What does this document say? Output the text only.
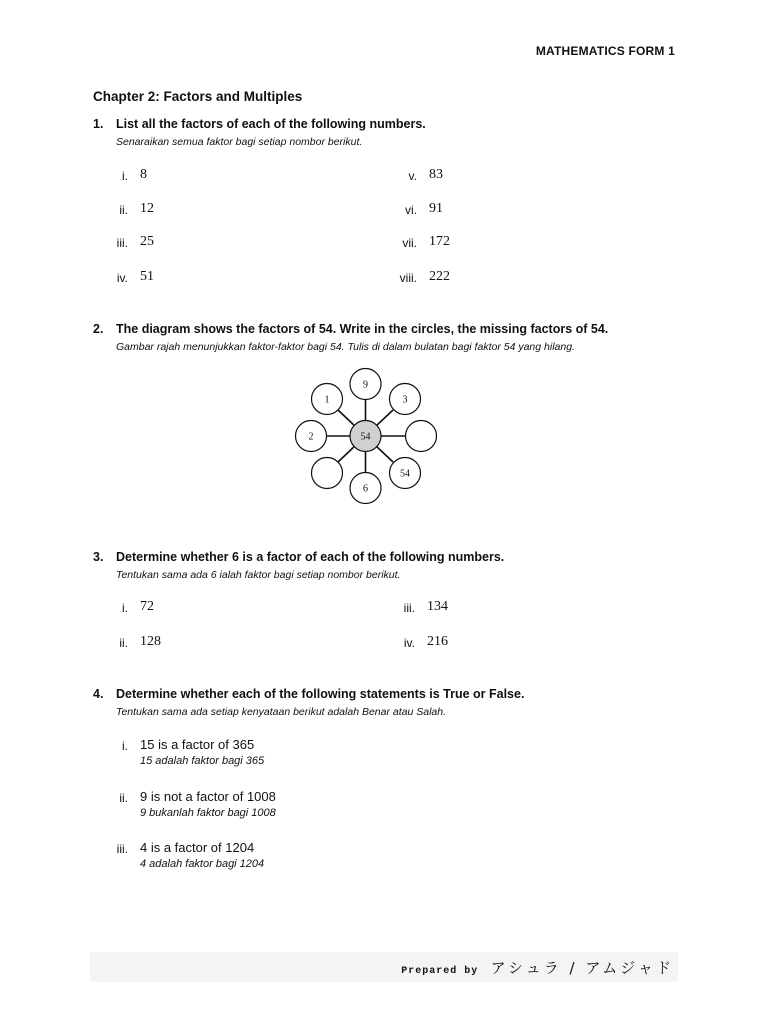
MATHEMATICS FORM 1
Chapter 2: Factors and Multiples
1. List all the factors of each of the following numbers.
Senaraikan semua faktor bagi setiap nombor berikut.
i. 8
ii. 12
iii. 25
iv. 51
v. 83
vi. 91
vii. 172
viii. 222
2. The diagram shows the factors of 54. Write in the circles, the missing factors of 54.
Gambar rajah menunjukkan faktor-faktor bagi 54. Tulis di dalam bulatan bagi faktor 54 yang hilang.
9
3
54
6
2
1
54
3. Determine whether 6 is a factor of each of the following numbers.
Tentukan sama ada 6 ialah faktor bagi setiap nombor berikut.
i. 72
ii. 128
iii. 134
iv. 216
4. Determine whether each of the following statements is True or False.
Tentukan sama ada setiap kenyataan berikut adalah Benar atau Salah.
i. 15 is a factor of 365
15 adalah faktor bagi 365
ii. 9 is not a factor of 1008
9 bukanlah faktor bagi 1008
iii. 4 is a factor of 1204
4 adalah faktor bagi 1204
Prepared by アシュラ / アムジャド
